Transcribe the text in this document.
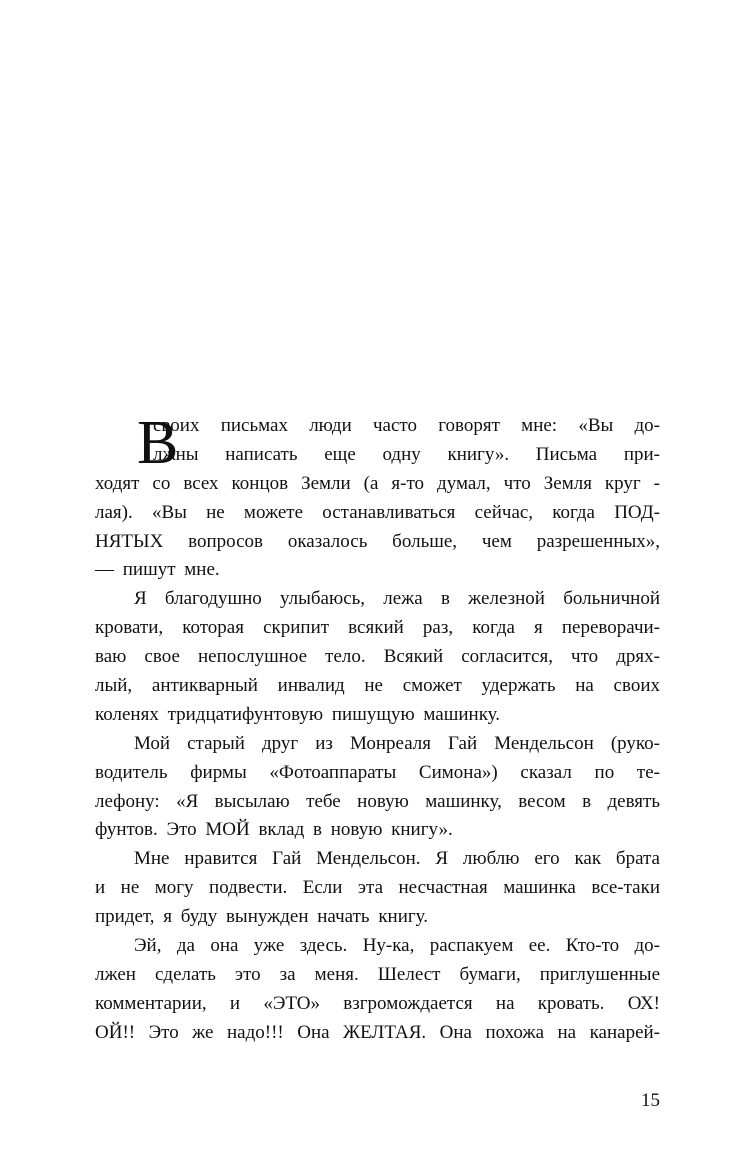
В
своих письмах люди часто говорят мне: «Вы до-
лжны написать еще одну книгу». Письма при-
ходят со всех концов Земли (а я-то думал, что Земля круг -
лая). «Вы не можете останавливаться сейчас, когда ПОД-
НЯТЫХ вопросов оказалось больше, чем разрешенных»,
— пишут мне.
Я благодушно улыбаюсь, лежа в железной больничной
кровати, которая скрипит всякий раз, когда я переворачи-
ваю свое непослушное тело. Всякий согласится, что дрях-
лый, антикварный инвалид не сможет удержать на своих
коленях тридцатифунтовую пишущую машинку.
Мой старый друг из Монреаля Гай Мендельсон (руко-
водитель фирмы «Фотоаппараты Симона») сказал по те-
лефону: «Я высылаю тебе новую машинку, весом в девять
фунтов. Это МОЙ вклад в новую книгу».
Мне нравится Гай Мендельсон. Я люблю его как брата
и не могу подвести. Если эта несчастная машинка все-таки
придет, я буду вынужден начать книгу.
Эй, да она уже здесь. Ну-ка, распакуем ее. Кто-то до-
лжен сделать это за меня. Шелест бумаги, приглушенные
комментарии, и «ЭТО» взгромождается на кровать. ОХ!
ОЙ!! Это же надо!!! Она ЖЕЛТАЯ. Она похожа на канарей-
15
